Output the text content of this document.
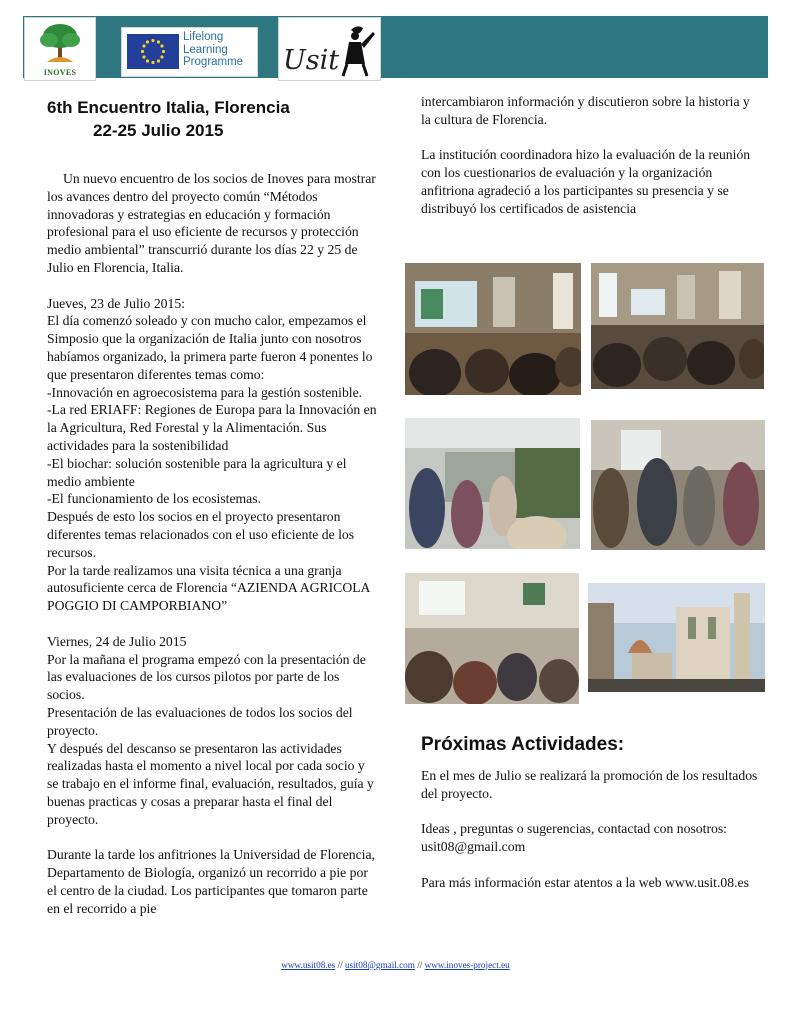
INOVES
Lifelong
Learning
Programme Usit

6th Encuentro Italia, Florencia

22-25 Julio 2015

Un nuevo encuentro de los socios de Inoves para mostrar los avances dentro del proyecto común “Métodos innovadoras y estrategias en educación y formación profesional para el uso eficiente de recursos y protección medio ambiental” transcurrió durante los días 22 y 25 de Julio en Florencia, Italia.

Jueves, 23 de Julio 2015:

El día comenzó soleado y con mucho calor, empezamos el Simposio que la organización de Italia junto con nosotros habíamos organizado, la primera parte fueron 4 ponentes lo que presentaron diferentes temas como:

-Innovación en agroecosistema para la gestión sostenible.

-La red ERIAFF: Regiones de Europa para la Innovación en la Agricultura, Red Forestal y la Alimentación. Sus actividades para la sostenibilidad

-El biochar: solución sostenible para la agricultura y el medio ambiente

-El funcionamiento de los ecosistemas.

Después de esto los socios en el proyecto presentaron diferentes temas relacionados con el uso eficiente de los recursos.

Por la tarde realizamos una visita técnica a una granja autosuficiente cerca de Florencia “AZIENDA AGRICOLA POGGIO DI CAMPORBIANO”

Viernes, 24 de Julio 2015

Por la mañana el programa empezó con la presentación de las evaluaciones de los cursos pilotos por parte de los socios.

Presentación de las evaluaciones de todos los socios del proyecto.

Y después del descanso se presentaron las actividades realizadas hasta el momento a nivel local por cada socio y se trabajo en el informe final, evaluación, resultados, guía y buenas practicas y cosas a preparar hasta el final del proyecto.

Durante la tarde los anfitriones la Universidad de Florencia, Departamento de Biología, organizó un recorrido a pie por el centro de la ciudad. Los participantes que tomaron parte en el recorrido a pie

intercambiaron información y discutieron sobre la historia y la cultura de Florencia.

La institución coordinadora hizo la evaluación de la reunión con los cuestionarios de evaluación y la organización anfitriona agradeció a los participantes su presencia y se distribuyó los certificados de asistencia

Próximas Actividades:

En el mes de Julio se realizará la promoción de los resultados del proyecto.

Ideas , preguntas o sugerencias, contactad con nosotros: usit08@gmail.com

Para más información estar atentos a la web www.usit.08.es

www.usit08.es // usit08@gmail.com // www.inoves-project.eu
